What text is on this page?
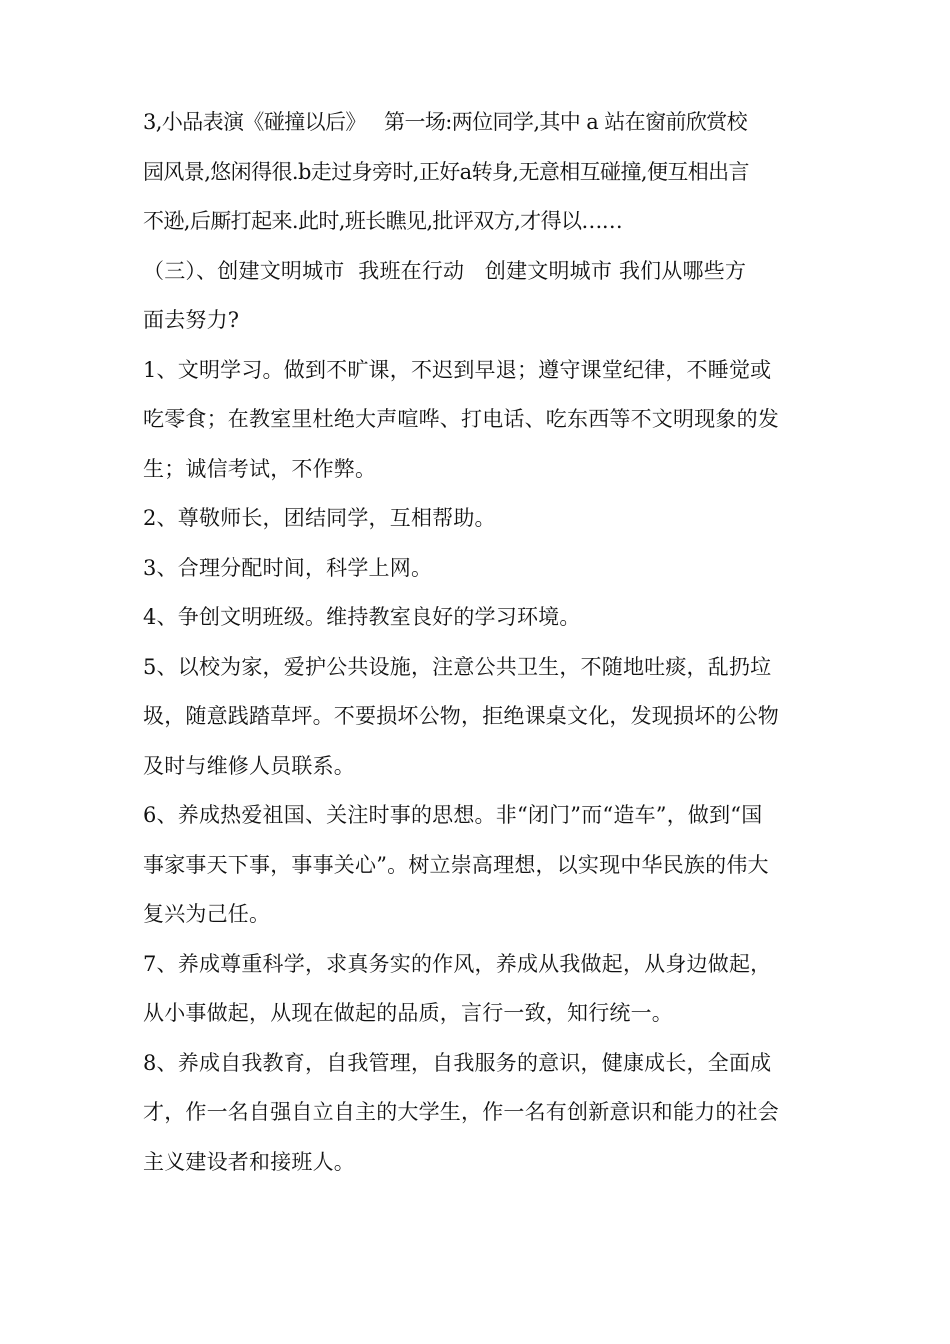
3,小品表演《碰撞以后》   第一场:两位同学,其中 a 站在窗前欣赏校
园风景,悠闲得很.b走过身旁时,正好a转身,无意相互碰撞,便互相出言
不逊,后厮打起来.此时,班长瞧见,批评双方,才得以……
（三）、创建文明城市  我班在行动   创建文明城市 我们从哪些方
面去努力?
1、文明学习。做到不旷课，不迟到早退；遵守课堂纪律，不睡觉或
吃零食；在教室里杜绝大声喧哗、打电话、吃东西等不文明现象的发
生；诚信考试，不作弊。
2、尊敬师长，团结同学，互相帮助。
3、合理分配时间，科学上网。
4、争创文明班级。维持教室良好的学习环境。
5、以校为家，爱护公共设施，注意公共卫生，不随地吐痰，乱扔垃
圾，随意践踏草坪。不要损坏公物，拒绝课桌文化，发现损坏的公物
及时与维修人员联系。
6、养成热爱祖国、关注时事的思想。非“闭门”而“造车”，做到“国
事家事天下事，事事关心”。树立崇高理想，以实现中华民族的伟大
复兴为己任。
7、养成尊重科学，求真务实的作风，养成从我做起，从身边做起，
从小事做起，从现在做起的品质，言行一致，知行统一。
8、养成自我教育，自我管理，自我服务的意识，健康成长，全面成
才，作一名自强自立自主的大学生，作一名有创新意识和能力的社会
主义建设者和接班人。
